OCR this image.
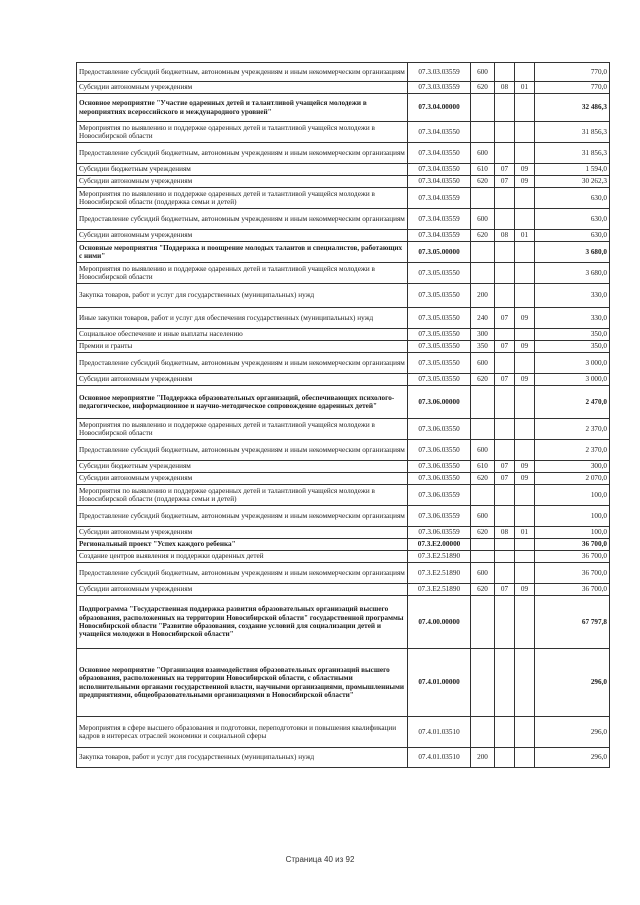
Предоставление субсидий бюджетным, автономным учреждениям и иным некоммерческим организациям	07.3.03.03559	600			770,0
Субсидии автономным учреждениям	07.3.03.03559	620	08	01	770,0
Основное мероприятие "Участие одаренных детей и талантливой учащейся молодежи в мероприятиях всероссийского и международного уровней"	07.3.04.00000				32 486,3
Мероприятия по выявлению и поддержке одаренных детей и талантливой учащейся молодежи в Новосибирской области	07.3.04.03550				31 856,3
Предоставление субсидий бюджетным, автономным учреждениям и иным некоммерческим организациям	07.3.04.03550	600			31 856,3
Субсидии бюджетным учреждениям	07.3.04.03550	610	07	09	1 594,0
Субсидии автономным учреждениям	07.3.04.03550	620	07	09	30 262,3
Мероприятия по выявлению и поддержке одаренных детей и талантливой учащейся молодежи в Новосибирской области (поддержка семьи и детей)	07.3.04.03559				630,0
Предоставление субсидий бюджетным, автономным учреждениям и иным некоммерческим организациям	07.3.04.03559	600			630,0
Субсидии автономным учреждениям	07.3.04.03559	620	08	01	630,0
Основные мероприятия "Поддержка и поощрение молодых талантов и специалистов, работающих с ними"	07.3.05.00000				3 680,0
Мероприятия по выявлению и поддержке одаренных детей и талантливой учащейся молодежи в Новосибирской области	07.3.05.03550				3 680,0
Закупка товаров, работ и услуг для государственных (муниципальных) нужд	07.3.05.03550	200			330,0
Иные закупки товаров, работ и услуг для обеспечения государственных (муниципальных) нужд	07.3.05.03550	240	07	09	330,0
Социальное обеспечение и иные выплаты населению	07.3.05.03550	300			350,0
Премии и гранты	07.3.05.03550	350	07	09	350,0
Предоставление субсидий бюджетным, автономным учреждениям и иным некоммерческим организациям	07.3.05.03550	600			3 000,0
Субсидии автономным учреждениям	07.3.05.03550	620	07	09	3 000,0
Основное мероприятие "Поддержка образовательных организаций, обеспечивающих психолого-педагогическое, информационное и научно-методическое сопровождение одаренных детей"	07.3.06.00000				2 470,0
Мероприятия по выявлению и поддержке одаренных детей и талантливой учащейся молодежи в Новосибирской области	07.3.06.03550				2 370,0
Предоставление субсидий бюджетным, автономным учреждениям и иным некоммерческим организациям	07.3.06.03550	600			2 370,0
Субсидии бюджетным учреждениям	07.3.06.03550	610	07	09	300,0
Субсидии автономным учреждениям	07.3.06.03550	620	07	09	2 070,0
Мероприятия по выявлению и поддержке одаренных детей и талантливой учащейся молодежи в Новосибирской области (поддержка семьи и детей)	07.3.06.03559				100,0
Предоставление субсидий бюджетным, автономным учреждениям и иным некоммерческим организациям	07.3.06.03559	600			100,0
Субсидии автономным учреждениям	07.3.06.03559	620	08	01	100,0
Региональный проект "Успех каждого ребенка"	07.3.E2.00000				36 700,0
Создание центров выявления и поддержки одаренных детей	07.3.E2.51890				36 700,0
Предоставление субсидий бюджетным, автономным учреждениям и иным некоммерческим организациям	07.3.E2.51890	600			36 700,0
Субсидии автономным учреждениям	07.3.E2.51890	620	07	09	36 700,0
Подпрограмма "Государственная поддержка развития образовательных организаций высшего образования, расположенных на территории Новосибирской области" государственной программы Новосибирской области "Развитие образования, создание условий для социализации детей и учащейся молодежи в Новосибирской области"	07.4.00.00000				67 797,8
Основное мероприятие "Организация взаимодействия образовательных организаций высшего образования, расположенных на территории Новосибирской области, с областными исполнительными органами государственной власти, научными организациями, промышленными предприятиями, общеобразовательными организациями в Новосибирской области"	07.4.01.00000				296,0
Мероприятия в сфере высшего образования и подготовки, переподготовки и повышения квалификации кадров в интересах отраслей экономики и социальной сферы	07.4.01.03510				296,0
Закупка товаров, работ и услуг для государственных (муниципальных) нужд	07.4.01.03510	200			296,0
Страница 40 из 92
